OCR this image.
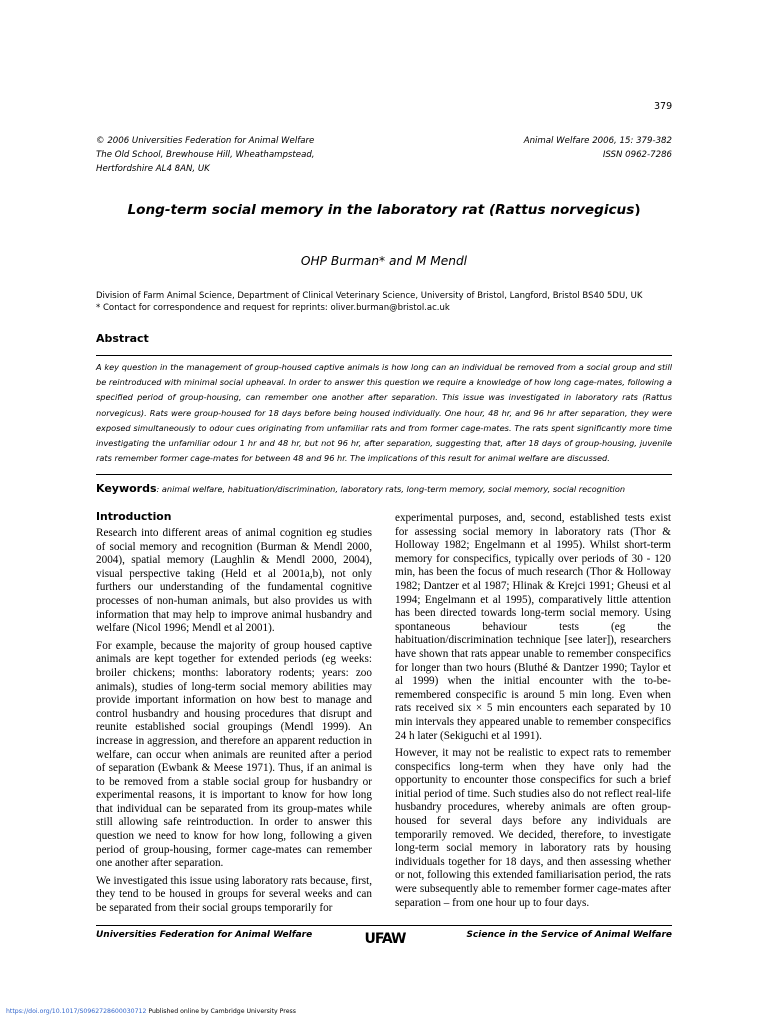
379
© 2006 Universities Federation for Animal Welfare
The Old School, Brewhouse Hill, Wheathampstead,
Hertfordshire AL4 8AN, UK
Animal Welfare 2006, 15: 379-382
ISSN 0962-7286
Long-term social memory in the laboratory rat (Rattus norvegicus)
OHP Burman* and M Mendl
Division of Farm Animal Science, Department of Clinical Veterinary Science, University of Bristol, Langford, Bristol BS40 5DU, UK
* Contact for correspondence and request for reprints: oliver.burman@bristol.ac.uk
Abstract
A key question in the management of group-housed captive animals is how long can an individual be removed from a social group and still be reintroduced with minimal social upheaval. In order to answer this question we require a knowledge of how long cage-mates, following a specified period of group-housing, can remember one another after separation. This issue was investigated in laboratory rats (Rattus norvegicus). Rats were group-housed for 18 days before being housed individually. One hour, 48 hr, and 96 hr after separation, they were exposed simultaneously to odour cues originating from unfamiliar rats and from former cage-mates. The rats spent significantly more time investigating the unfamiliar odour 1 hr and 48 hr, but not 96 hr, after separation, suggesting that, after 18 days of group-housing, juvenile rats remember former cage-mates for between 48 and 96 hr. The implications of this result for animal welfare are discussed.
Keywords: animal welfare, habituation/discrimination, laboratory rats, long-term memory, social memory, social recognition
Introduction

Research into different areas of animal cognition eg studies of social memory and recognition (Burman & Mendl 2000, 2004), spatial memory (Laughlin & Mendl 2000, 2004), visual perspective taking (Held et al 2001a,b), not only furthers our understanding of the fundamental cognitive processes of non-human animals, but also provides us with information that may help to improve animal husbandry and welfare (Nicol 1996; Mendl et al 2001).

For example, because the majority of group housed captive animals are kept together for extended periods (eg weeks: broiler chickens; months: laboratory rodents; years: zoo animals), studies of long-term social memory abilities may provide important information on how best to manage and control husbandry and housing procedures that disrupt and reunite established social groupings (Mendl 1999). An increase in aggression, and therefore an apparent reduction in welfare, can occur when animals are reunited after a period of separation (Ewbank & Meese 1971). Thus, if an animal is to be removed from a stable social group for husbandry or experimental reasons, it is important to know for how long that individual can be separated from its group-mates while still allowing safe reintroduction. In order to answer this question we need to know for how long, following a given period of group-housing, former cage-mates can remember one another after separation.

We investigated this issue using laboratory rats because, first, they tend to be housed in groups for several weeks and can be separated from their social groups temporarily for

experimental purposes, and, second, established tests exist for assessing social memory in laboratory rats (Thor & Holloway 1982; Engelmann et al 1995). Whilst short-term memory for conspecifics, typically over periods of 30 - 120 min, has been the focus of much research (Thor & Holloway 1982; Dantzer et al 1987; Hlinak & Krejci 1991; Gheusi et al 1994; Engelmann et al 1995), comparatively little attention has been directed towards long-term social memory. Using spontaneous behaviour tests (eg the habituation/discrimination technique [see later]), researchers have shown that rats appear unable to remember conspecifics for longer than two hours (Bluthé & Dantzer 1990; Taylor et al 1999) when the initial encounter with the to-be-remembered conspecific is around 5 min long. Even when rats received six × 5 min encounters each separated by 10 min intervals they appeared unable to remember conspecifics 24 h later (Sekiguchi et al 1991).

However, it may not be realistic to expect rats to remember conspecifics long-term when they have only had the opportunity to encounter those conspecifics for such a brief initial period of time. Such studies also do not reflect real-life husbandry procedures, whereby animals are often group-housed for several days before any individuals are temporarily removed. We decided, therefore, to investigate long-term social memory in laboratory rats by housing individuals together for 18 days, and then assessing whether or not, following this extended familiarisation period, the rats were subsequently able to remember former cage-mates after separation – from one hour up to four days.

Universities Federation for Animal Welfare	UFAW	Science in the Service of Animal Welfare
https://doi.org/10.1017/S0962728600030712 Published online by Cambridge University Press
